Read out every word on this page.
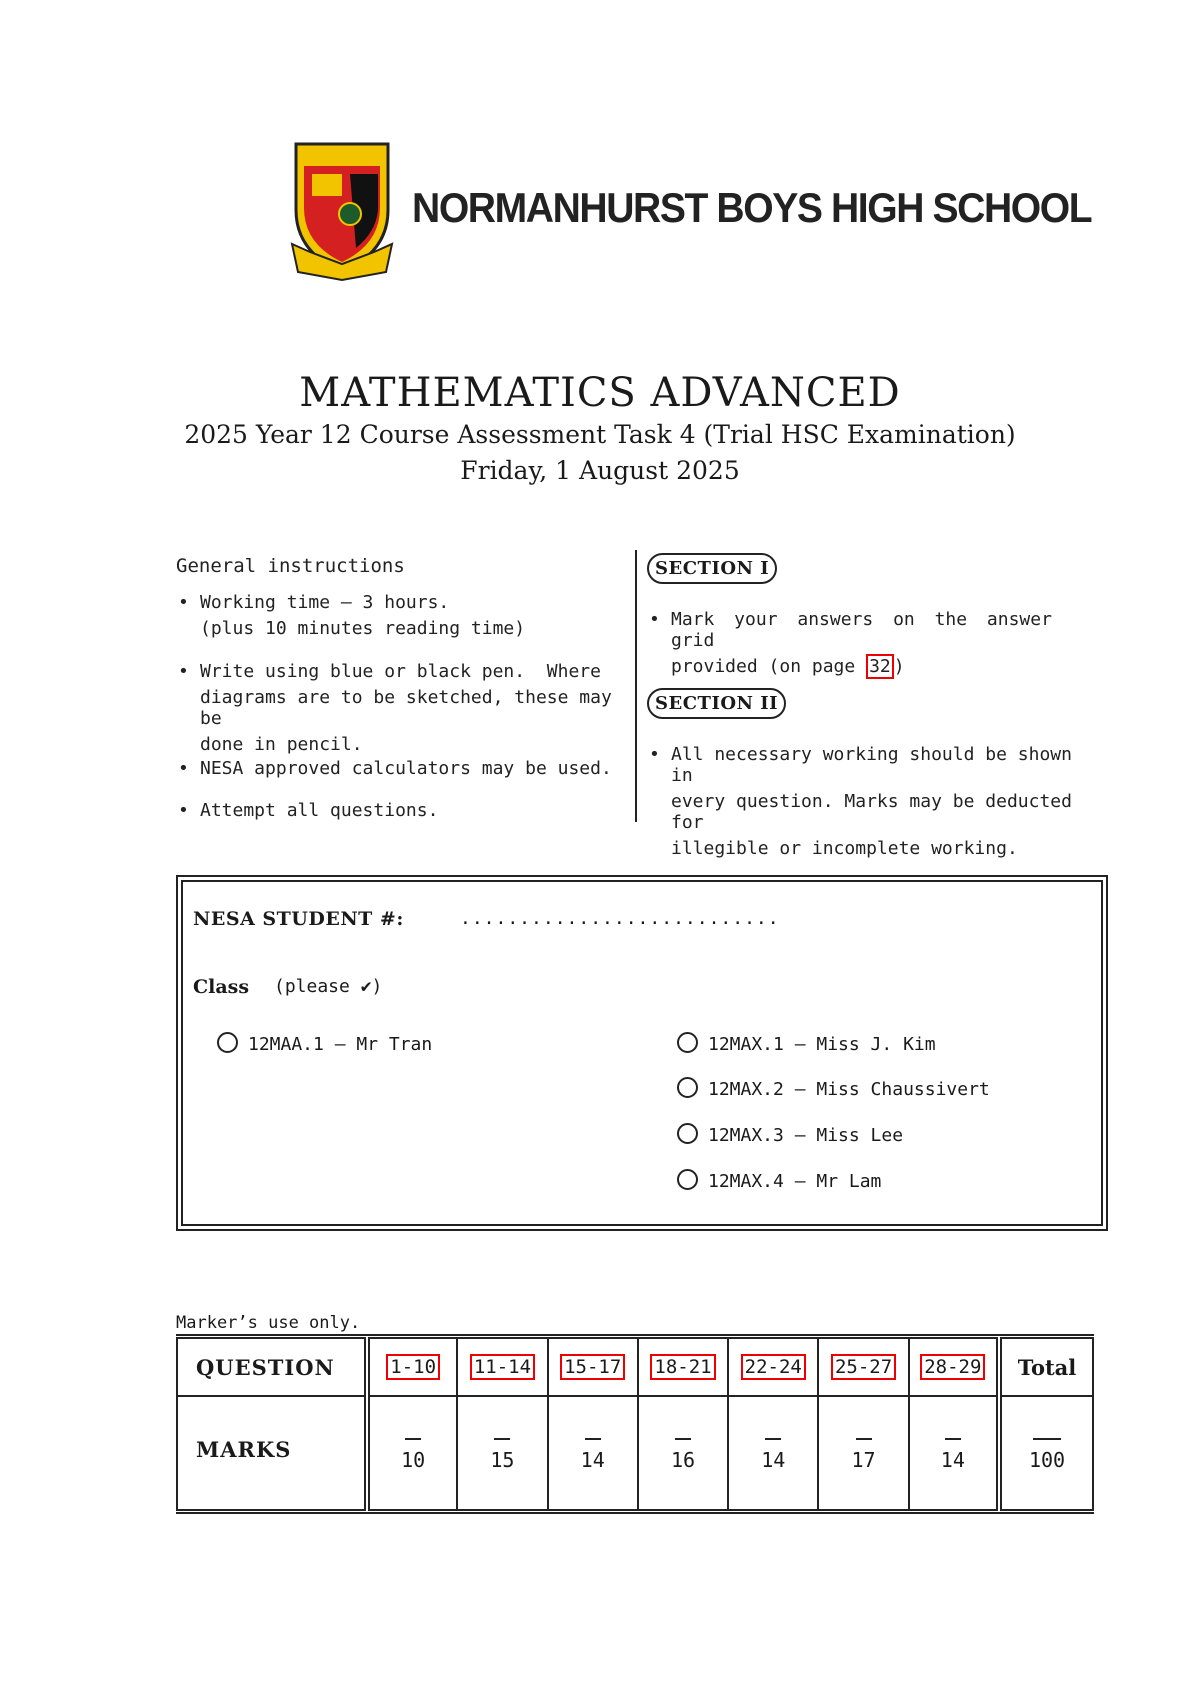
NORMANHURST BOYS HIGH SCHOOL
MATHEMATICS ADVANCED
2025 Year 12 Course Assessment Task 4 (Trial HSC Examination)
Friday, 1 August 2025
General instructions
• Working time – 3 hours.
(plus 10 minutes reading time)
• Write using blue or black pen.  Where
diagrams are to be sketched, these may be
done in pencil.
• NESA approved calculators may be used.
• Attempt all questions.
SECTION I
• Mark your answers on the answer grid
provided (on page 32 )
SECTION II
• All necessary working should be shown in
every question. Marks may be deducted for
illegible or incomplete working.
NESA STUDENT #:	...........................
Class (please ✔)
12MAA.1 – Mr Tran	12MAX.1 – Miss J. Kim
12MAX.2 – Miss Chaussivert
12MAX.3 – Miss Lee
12MAX.4 – Mr Lam
Marker’s use only.
QUESTION	1-10	11-14	15-17	18-21	22-24	25-27	28-29	Total
MARKS	10	15	14	16	14	17	14	100
